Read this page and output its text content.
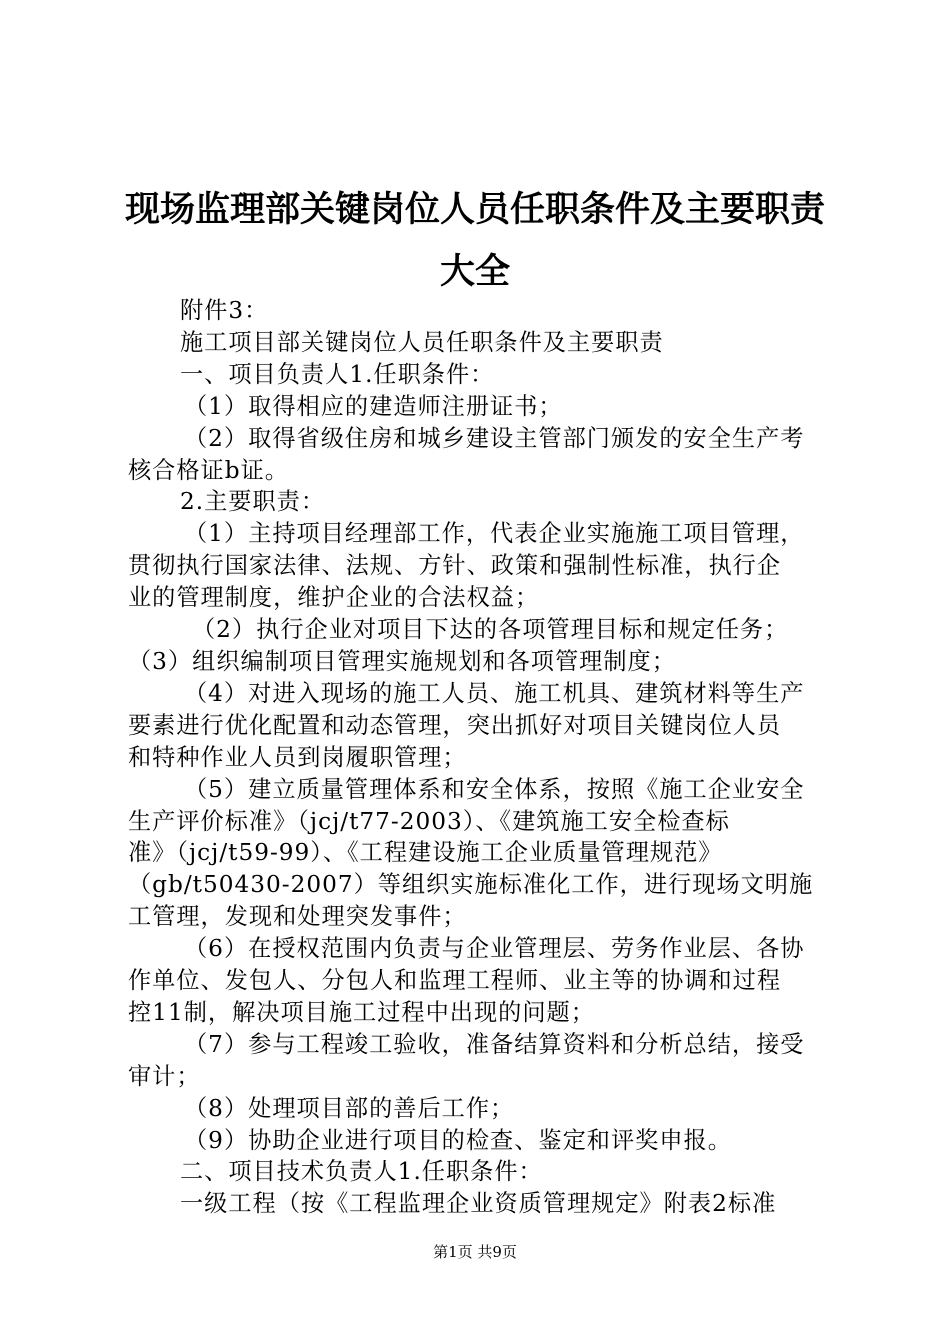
现场监理部关键岗位人员任职条件及主要职责
大全

附件3：

施工项目部关键岗位人员任职条件及主要职责

一、项目负责人1.任职条件：

（1）取得相应的建造师注册证书；

（2）取得省级住房和城乡建设主管部门颁发的安全生产考

核合格证b证。

2.主要职责：

（1）主持项目经理部工作，代表企业实施施工项目管理，

贯彻执行国家法律、法规、方针、政策和强制性标准，执行企

业的管理制度，维护企业的合法权益；

（2）执行企业对项目下达的各项管理目标和规定任务；

（3）组织编制项目管理实施规划和各项管理制度；

（4）对进入现场的施工人员、施工机具、建筑材料等生产

要素进行优化配置和动态管理，突出抓好对项目关键岗位人员

和特种作业人员到岗履职管理；

（5）建立质量管理体系和安全体系，按照《施工企业安全

生产评价标准》（jcj/t77-2003）、《建筑施工安全检查标

准》（jcj/t59-99）、《工程建设施工企业质量管理规范》

（gb/t50430-2007）等组织实施标准化工作，进行现场文明施

工管理，发现和处理突发事件；

（6）在授权范围内负责与企业管理层、劳务作业层、各协

作单位、发包人、分包人和监理工程师、业主等的协调和过程

控11制，解决项目施工过程中出现的问题；

（7）参与工程竣工验收，准备结算资料和分析总结，接受

审计；

（8）处理项目部的善后工作；

（9）协助企业进行项目的检查、鉴定和评奖申报。

二、项目技术负责人1.任职条件：

一级工程（按《工程监理企业资质管理规定》附表2标准

第1页 共9页
